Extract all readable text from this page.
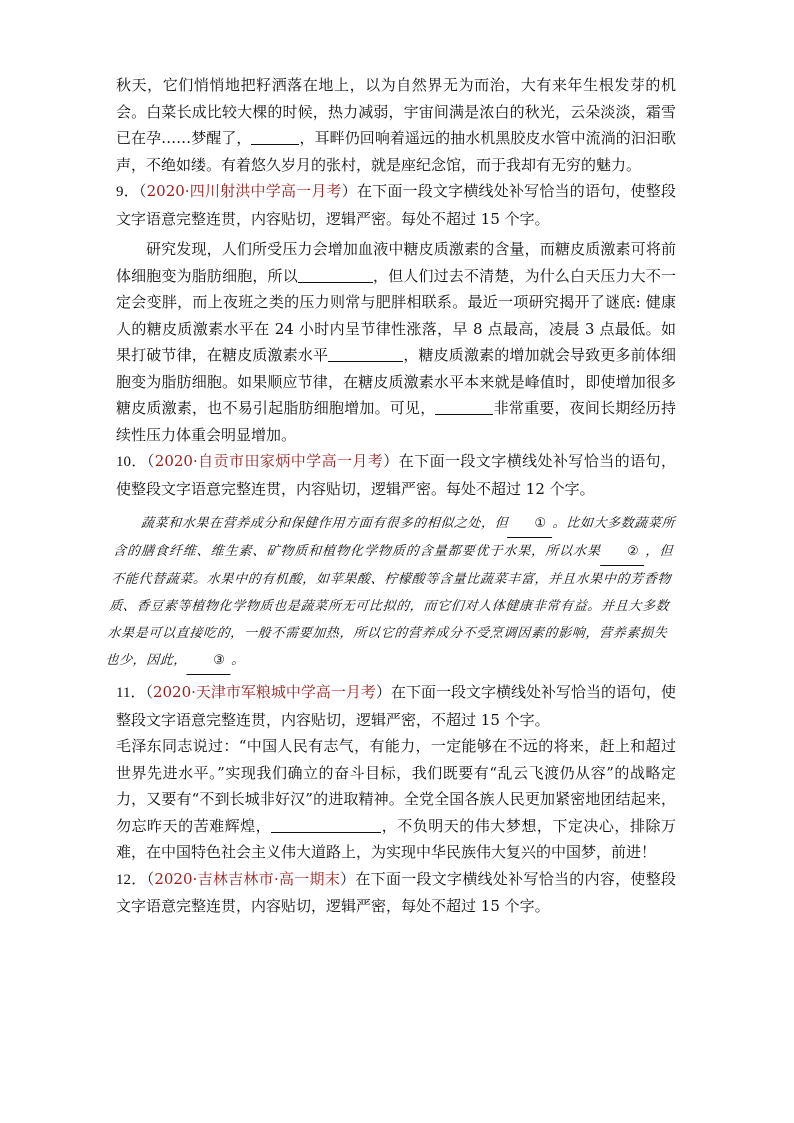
秋天，它们悄悄地把籽洒落在地上，以为自然界无为而治，大有来年生根发芽的机会。白菜长成比较大棵的时候，热力减弱，宇宙间满是浓白的秋光，云朵淡淡，霜雪已在孕……梦醒了，	，耳畔仍回响着遥远的抽水机黑胶皮水管中流淌的汩汩歌声，不绝如缕。有着悠久岁月的张村，就是座纪念馆，而于我却有无穷的魅力。

9．（2020·四川射洪中学高一月考）在下面一段文字横线处补写恰当的语句，使整段文字语意完整连贯，内容贴切，逻辑严密。每处不超过 15 个字。

研究发现，人们所受压力会增加血液中糖皮质激素的含量，而糖皮质激素可将前体细胞变为脂肪细胞，所以	，但人们过去不清楚，为什么白天压力大不一定会变胖，而上夜班之类的压力则常与肥胖相联系。最近一项研究揭开了谜底: 健康人的糖皮质激素水平在 24 小时内呈节律性涨落，早 8 点最高，凌晨 3 点最低。如果打破节律，在糖皮质激素水平	，糖皮质激素的增加就会导致更多前体细胞变为脂肪细胞。如果顺应节律，在糖皮质激素水平本来就是峰值时，即使增加很多糖皮质激素，也不易引起脂肪细胞增加。可见，	非常重要，夜间长期经历持续性压力体重会明显增加。

10．（2020·自贡市田家炳中学高一月考）在下面一段文字横线处补写恰当的语句，使整段文字语意完整连贯，内容贴切，逻辑严密。每处不超过 12 个字。

蔬菜和水果在营养成分和保健作用方面有很多的相似之处，但 ① 。比如大多数蔬菜所含的膳食纤维、维生素、矿物质和植物化学物质的含量都要优于水果，所以水果 ② ，但不能代替蔬菜。水果中的有机酸，如苹果酸、柠檬酸等含量比蔬菜丰富，并且水果中的芳香物质、香豆素等植物化学物质也是蔬菜所无可比拟的，而它们对人体健康非常有益。并且大多数水果是可以直接吃的，一般不需要加热，所以它的营养成分不受烹调因素的影响，营养素损失也少，因此， ③ 。

11．（2020·天津市军粮城中学高一月考）在下面一段文字横线处补写恰当的语句，使整段文字语意完整连贯，内容贴切，逻辑严密，不超过 15 个字。

毛泽东同志说过：“中国人民有志气，有能力，一定能够在不远的将来，赶上和超过世界先进水平。”实现我们确立的奋斗目标，我们既要有“乱云飞渡仍从容”的战略定力，又要有“不到长城非好汉”的进取精神。全党全国各族人民更加紧密地团结起来，勿忘昨天的苦难辉煌，	，不负明天的伟大梦想，下定决心，排除万难，在中国特色社会主义伟大道路上，为实现中华民族伟大复兴的中国梦，前进！

12．（2020·吉林吉林市·高一期末）在下面一段文字横线处补写恰当的内容，使整段文字语意完整连贯，内容贴切，逻辑严密，每处不超过 15 个字。
